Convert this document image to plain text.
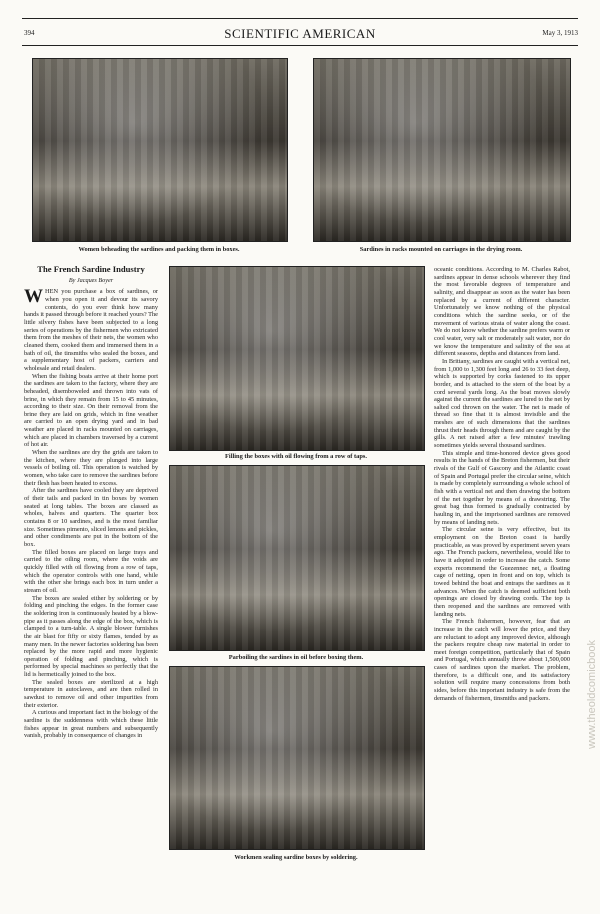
394	SCIENTIFIC AMERICAN	May 3, 1913
Women beheading the sardines and packing them in boxes.	Sardines in racks mounted on carriages in the drying room.
The French Sardine Industry
By Jacques Boyer

WHEN you purchase a box of sardines, or when you open it and devour its savory contents, do you ever think how many hands it passed through before it reached yours? The little silvery fishes have been subjected to a long series of operations by the fishermen who extricated them from the meshes of their nets, the women who cleaned them, cooked them and immersed them in a bath of oil, the tinsmiths who sealed the boxes, and a supplementary host of packers, carriers and wholesale and retail dealers.

When the fishing boats arrive at their home port the sardines are taken to the factory, where they are beheaded, disemboweled and thrown into vats of brine, in which they remain from 15 to 45 minutes, according to their size. On their removal from the brine they are laid on grids, which in fine weather are carried to an open drying yard and in bad weather are placed in racks mounted on carriages, which are placed in chambers traversed by a current of hot air.

When the sardines are dry the grids are taken to the kitchen, where they are plunged into large vessels of boiling oil. This operation is watched by women, who take care to remove the sardines before their flesh has been heated to excess.

After the sardines have cooled they are deprived of their tails and packed in tin boxes by women seated at long tables. The boxes are classed as wholes, halves and quarters. The quarter box contains 8 or 10 sardines, and is the most familiar size. Sometimes pimento, sliced lemons and pickles, and other condiments are put in the bottom of the box.

The filled boxes are placed on large trays and carried to the oiling room, where the voids are quickly filled with oil flowing from a row of taps, which the operator controls with one hand, while with the other she brings each box in turn under a stream of oil.

The boxes are sealed either by soldering or by folding and pinching the edges. In the former case the soldering iron is continuously heated by a blow-pipe as it passes along the edge of the box, which is clamped to a turn-table. A single blower furnishes the air blast for fifty or sixty flames, tended by as many men. In the newer factories soldering has been replaced by the more rapid and more hygienic operation of folding and pinching, which is performed by special machines so perfectly that the lid is hermetically joined to the box.

The sealed boxes are sterilized at a high temperature in autoclaves, and are then rolled in sawdust to remove oil and other impurities from their exterior.

A curious and important fact in the biology of the sardine is the suddenness with which these little fishes appear in great numbers and subsequently vanish, probably in consequence of changes in

Filling the boxes with oil flowing from a row of taps.
Parboiling the sardines in oil before boxing them.
Workmen sealing sardine boxes by soldering.

oceanic conditions. According to M. Charles Rabot, sardines appear in dense schools wherever they find the most favorable degrees of temperature and salinity, and disappear as soon as the water has been replaced by a current of different character. Unfortunately we know nothing of the physical conditions which the sardine seeks, or of the movement of various strata of water along the coast. We do not know whether the sardine prefers warm or cool water, very salt or moderately salt water, nor do we know the temperature and salinity of the sea at different seasons, depths and distances from land.

In Brittany, sardines are caught with a vertical net, from 1,000 to 1,300 feet long and 26 to 33 feet deep, which is supported by corks fastened to its upper border, and is attached to the stern of the boat by a cord several yards long. As the boat moves slowly against the current the sardines are lured to the net by salted cod thrown on the water. The net is made of thread so fine that it is almost invisible and the meshes are of such dimensions that the sardines thrust their heads through them and are caught by the gills. A net raised after a few minutes' trawling sometimes yields several thousand sardines.

This simple and time-honored device gives good results in the hands of the Breton fishermen, but their rivals of the Gulf of Gascony and the Atlantic coast of Spain and Portugal prefer the circular seine, which is made by completely surrounding a whole school of fish with a vertical net and then drawing the bottom of the net together by means of a drawstring. The great bag thus formed is gradually contracted by hauling in, and the imprisoned sardines are removed by means of landing nets.

The circular seine is very effective, but its employment on the Breton coast is hardly practicable, as was proved by experiment seven years ago. The French packers, nevertheless, would like to have it adopted in order to increase the catch. Some experts recommend the Guezennec net, a floating cage of netting, open in front and on top, which is towed behind the boat and entraps the sardines as it advances. When the catch is deemed sufficient both openings are closed by drawing cords. The top is then reopened and the sardines are removed with landing nets.

The French fishermen, however, fear that an increase in the catch will lower the price, and they are reluctant to adopt any improved device, although the packers require cheap raw material in order to meet foreign competition, particularly that of Spain and Portugal, which annually throw about 1,500,000 cases of sardines upon the market. The problem, therefore, is a difficult one, and its satisfactory solution will require many concessions from both sides, before this important industry is safe from the demands of fishermen, tinsmiths and packers.	www.theoldcomicbook
